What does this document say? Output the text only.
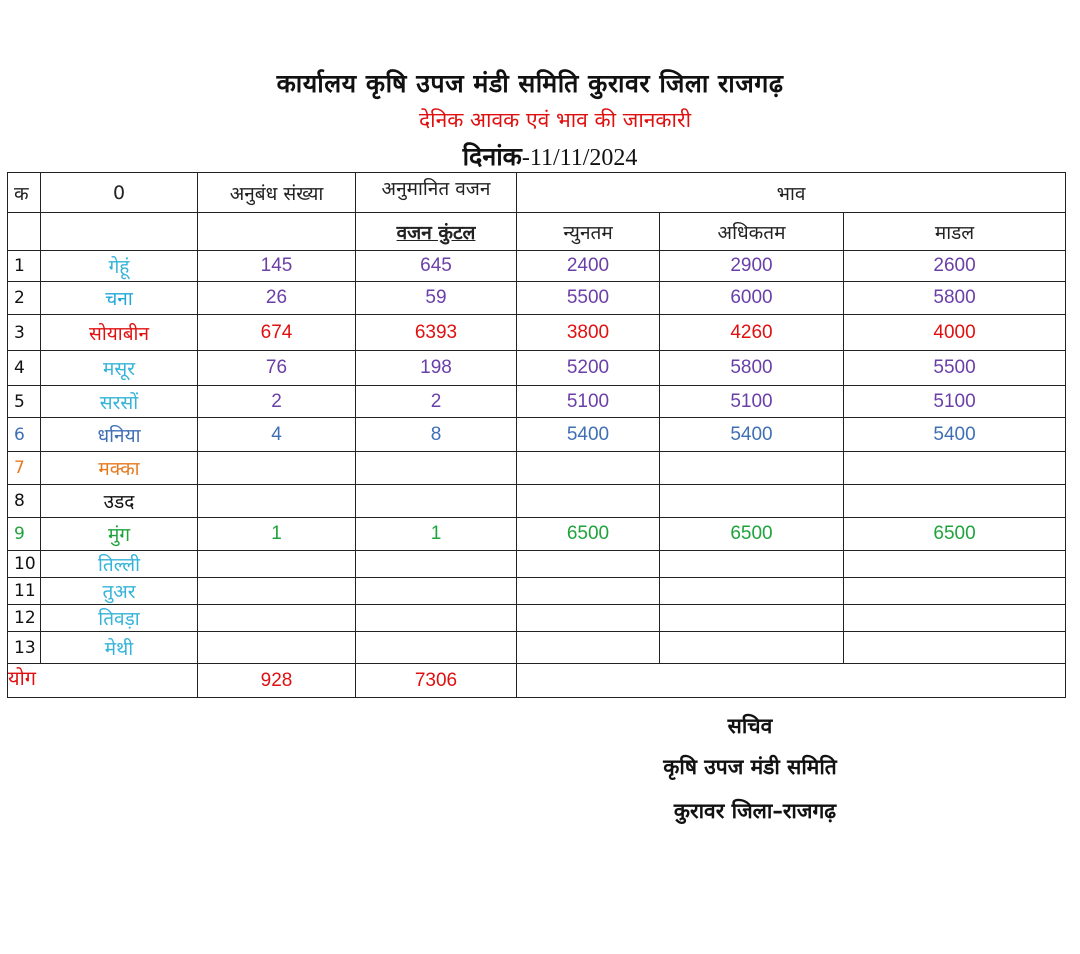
कार्यालय कृषि उपज मंडी समिति कुरावर जिला राजगढ़
देनिक आवक एवं भाव की जानकारी
दिनांक-11/11/2024
क	0	अनुबंध संख्या	अनुमानित वजन	भाव		
			वजन कुंटल	न्युनतम	अधिकतम	माडल
1	गेहूं	145	645	2400	2900	2600
2	चना	26	59	5500	6000	5800
3	सोयाबीन	674	6393	3800	4260	4000
4	मसूर	76	198	5200	5800	5500
5	सरसों	2	2	5100	5100	5100
6	धनिया	4	8	5400	5400	5400
7	मक्का					
8	उडद					
9	मुंग	1	1	6500	6500	6500
10	तिल्ली					
11	तुअर					
12	तिवड़ा					
13	मेथी					
योग		928	7306			
सचिव
कृषि उपज मंडी समिति
कुरावर जिला–राजगढ़
